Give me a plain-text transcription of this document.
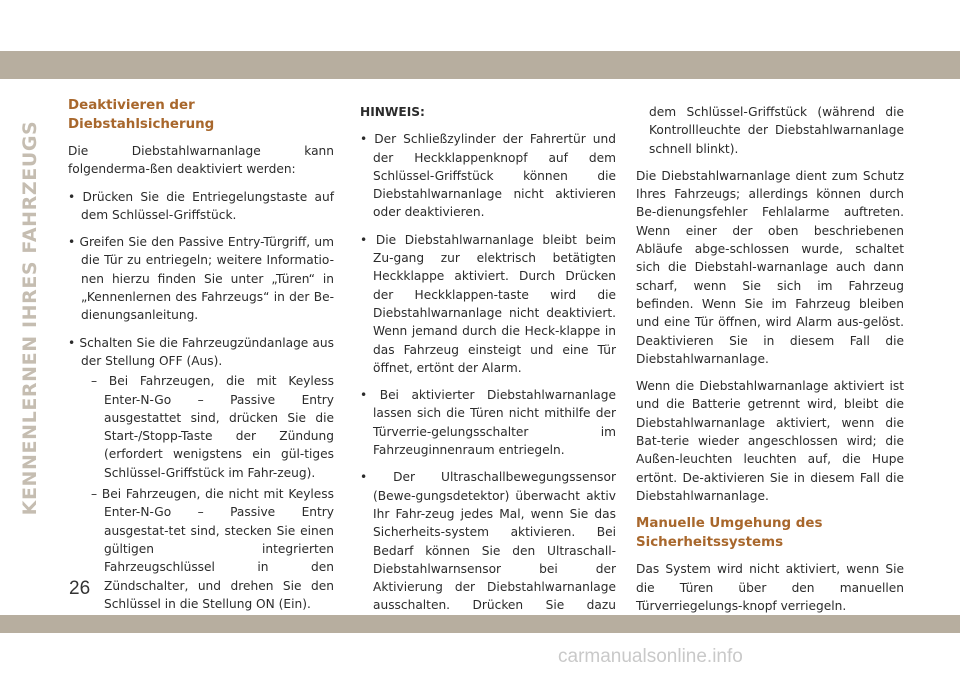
KENNENLERNEN IHRES FAHRZEUGS
Deaktivieren der Diebstahlsicherung

Die Diebstahlwarnanlage kann folgenderma-ßen deaktiviert werden:

• Drücken Sie die Entriegelungstaste auf dem Schlüssel-Griffstück.
• Greifen Sie den Passive Entry-Türgriff, um die Tür zu entriegeln; weitere Informatio-nen hierzu finden Sie unter „Türen“ in „Kennenlernen des Fahrzeugs“ in der Be-dienungsanleitung.
• Schalten Sie die Fahrzeugzündanlage aus der Stellung OFF (Aus).
– Bei Fahrzeugen, die mit Keyless Enter-N-Go – Passive Entry ausgestattet sind, drücken Sie die Start-/Stopp-Taste der Zündung (erfordert wenigstens ein gül-tiges Schlüssel-Griffstück im Fahr-zeug).
– Bei Fahrzeugen, die nicht mit Keyless Enter-N-Go – Passive Entry ausgestat-tet sind, stecken Sie einen gültigen integrierten Fahrzeugschlüssel in den Zündschalter, und drehen Sie den Schlüssel in die Stellung ON (Ein).
HINWEIS:
• Der Schließzylinder der Fahrertür und der Heckklappenknopf auf dem Schlüssel-Griffstück können die Diebstahlwarnanlage nicht aktivieren oder deaktivieren.
• Die Diebstahlwarnanlage bleibt beim Zu-gang zur elektrisch betätigten Heckklappe aktiviert. Durch Drücken der Heckklappen-taste wird die Diebstahlwarnanlage nicht deaktiviert. Wenn jemand durch die Heck-klappe in das Fahrzeug einsteigt und eine Tür öffnet, ertönt der Alarm.
• Bei aktivierter Diebstahlwarnanlage lassen sich die Türen nicht mithilfe der Türverrie-gelungsschalter im Fahrzeuginnenraum entriegeln.
• Der Ultraschallbewegungssensor (Bewe-gungsdetektor) überwacht aktiv Ihr Fahr-zeug jedes Mal, wenn Sie das Sicherheits-system aktivieren. Bei Bedarf können Sie den Ultraschall-Diebstahlwarnsensor bei der Aktivierung der Diebstahlwarnanlage ausschalten. Drücken Sie dazu
dem Schlüssel-Griffstück (während die Kontrollleuchte der Diebstahlwarnanlage schnell blinkt).

Die Diebstahlwarnanlage dient zum Schutz Ihres Fahrzeugs; allerdings können durch Be-dienungsfehler Fehlalarme auftreten. Wenn einer der oben beschriebenen Abläufe abge-schlossen wurde, schaltet sich die Diebstahl-warnanlage auch dann scharf, wenn Sie sich im Fahrzeug befinden. Wenn Sie im Fahrzeug bleiben und eine Tür öffnen, wird Alarm aus-gelöst. Deaktivieren Sie in diesem Fall die Diebstahlwarnanlage.

Wenn die Diebstahlwarnanlage aktiviert ist und die Batterie getrennt wird, bleibt die Diebstahlwarnanlage aktiviert, wenn die Bat-terie wieder angeschlossen wird; die Außen-leuchten leuchten auf, die Hupe ertönt. De-aktivieren Sie in diesem Fall die Diebstahlwarnanlage.

Manuelle Umgehung des Sicherheitssystems

Das System wird nicht aktiviert, wenn Sie die Türen über den manuellen Türverriegelungs-knopf verriegeln.

26
carmanualsonline.info
